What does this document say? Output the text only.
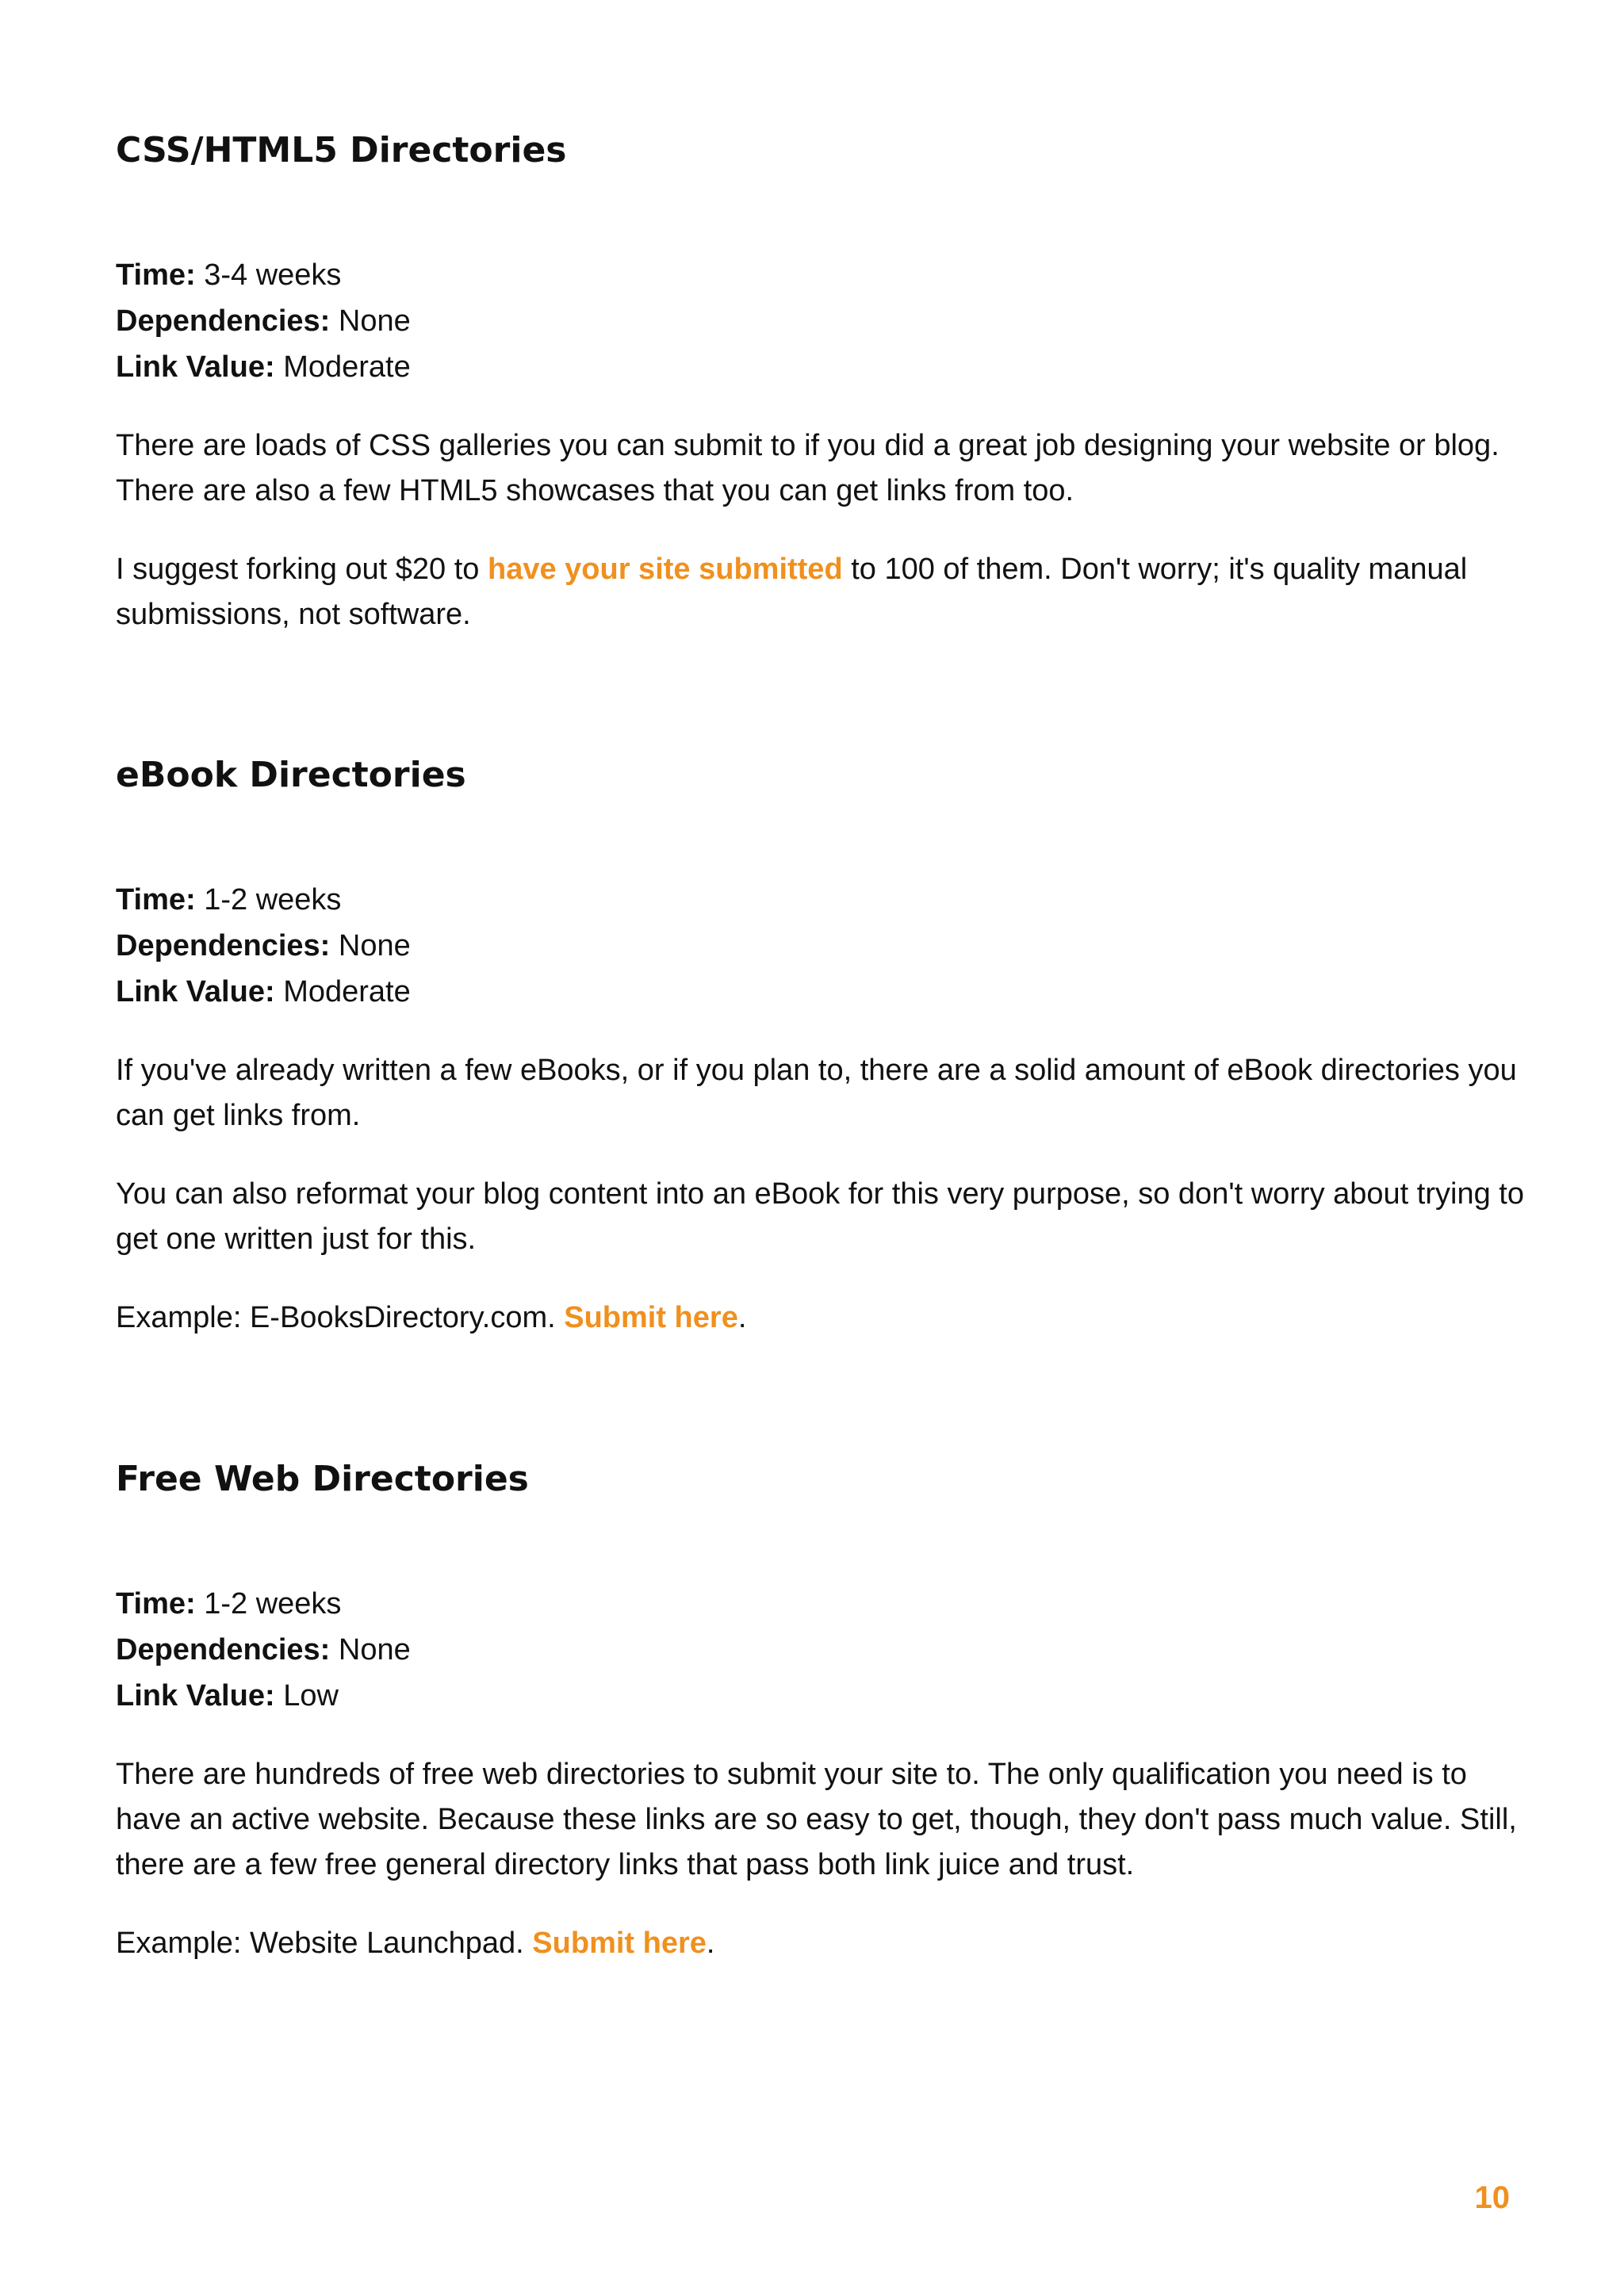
CSS/HTML5 Directories
Time: 3-4 weeks
Dependencies: None
Link Value: Moderate

There are loads of CSS galleries you can submit to if you did a great job designing your website or blog. There are also a few HTML5 showcases that you can get links from too.

I suggest forking out $20 to have your site submitted to 100 of them. Don't worry; it's quality manual submissions, not software.

eBook Directories
Time: 1-2 weeks
Dependencies: None
Link Value: Moderate

If you've already written a few eBooks, or if you plan to, there are a solid amount of eBook directories you can get links from.

You can also reformat your blog content into an eBook for this very purpose, so don't worry about trying to get one written just for this.

Example: E-BooksDirectory.com. Submit here.

Free Web Directories
Time: 1-2 weeks
Dependencies: None
Link Value: Low

There are hundreds of free web directories to submit your site to. The only qualification you need is to have an active website. Because these links are so easy to get, though, they don't pass much value. Still, there are a few free general directory links that pass both link juice and trust.

Example: Website Launchpad. Submit here.

10
